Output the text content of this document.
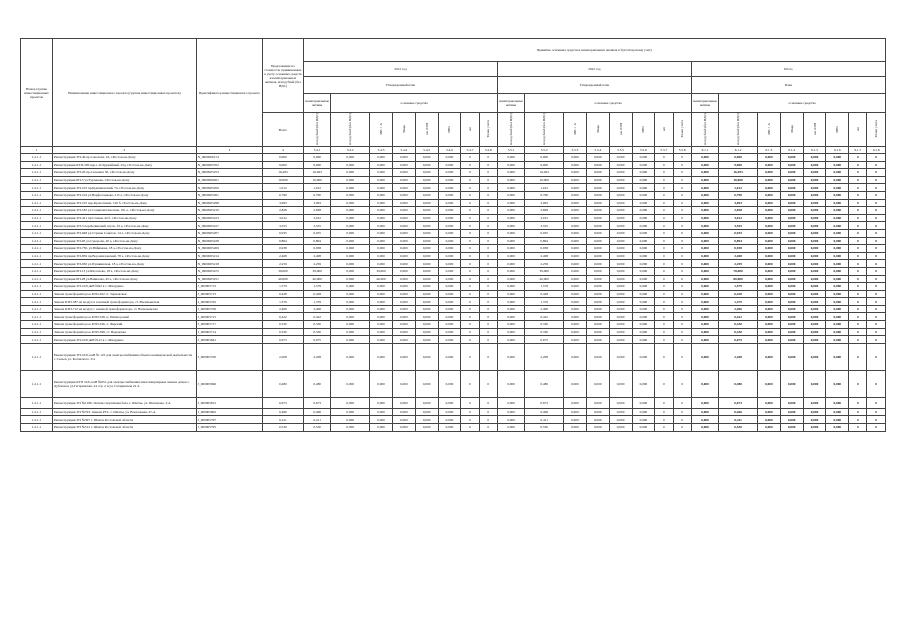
Номер группы инвестиционных проектов	Наименование инвестиционного проекта (группы инвестиционных проектов)	Идентификатор инвестиционного проекта	Предложение по стоимости, принимаемых к учету основных средств и нематериальных активов, млн рублей (без НДС)	Принятие основных средств и нематериальных активов к бухгалтерскому учету																							
				2021 год								2022 год								Итого							
				Утвержденный план								Утвержденный план								План							
				нематериальные активы	основные средства							нематериальные активы	основные средства							нематериальные активы	основные средства						
			Всего	млн рублей (без НДС)	млн рублей (без НДС)	МВ×А	Мвар	км ЛЭП	МВт	шт	Точки учета	млн рублей (без НДС)	млн рублей (без НДС)	МВ×А	Мвар	км ЛЭП	МВт	шт	Точки учета	млн рублей (без НДС)	млн рублей (без НДС)	МВ×А	Мвар	км ЛЭП	МВт	шт	Точки учета
1	2	3	4	5.4.1	5.4.2	5.4.3	5.4.4	5.4.5	5.4.6	5.4.7	5.4.8	5.5.1	5.5.2	5.5.3	5.5.4	5.5.5	5.5.6	5.5.7	5.5.8	6.1.1	6.1.2	6.1.3	6.1.4	6.1.5	6.1.6	6.1.7	6.1.8
1.2.1.1	Реконструкция ТП-49 пр.Соколова, 43, г.Ростов-на-Дону	N_0900006174	0,000	0,000	0,000	0,000	0,000	0,000	0,000	0	0	0,000	0,000	0,000	0,000	0,000	0,000	0	0	0,000	0,000	0,000	0,000	0,000	0,000	0	0
1.2.1.1	Реконструкция КТП-500 пер.1-й Оружейный, 23д, г.Ростов-на-Дону	N_0900005702	9,000	9,000	0,000	0,000	0,000	0,000	0,000	0	0	0,000	9,000	0,000	0,000	0,000	0,000	0	0	0,000	9,000	0,000	0,000	0,000	0,000	0	0
1.2.1.1	Реконструкция ТП-20 пр.Сельмаш 56, г.Ростов-на-Дону	N_0900005253	16,493	16,493	0,000	0,000	0,000	0,000	0,000	0	0	0,000	16,493	0,000	0,000	0,000	0,000	0	0	0,000	16,493	0,000	0,000	0,000	0,000	0	0
1.2.1.1	Реконструкция РП-3 ул.Тургенева, г.Ростов-на-Дону	N_0900006201	10,000	10,000	0,000	0,000	0,000	0,000	0,000	0	0	0,000	10,000	0,000	0,000	0,000	0,000	0	0	0,000	10,000	0,000	0,000	0,000	0,000	0	0
1.2.1.1	Реконструкция ТП-103 пр.Будённовский, 74, г.Ростов-на-Дону	N_0900005959	1,012	1,012	0,000	0,000	0,000	0,000	0,000	0	0	0,000	1,012	0,000	0,000	0,000	0,000	0	0	0,000	1,012	0,000	0,000	0,000	0,000	0	0
1.2.1.1	Реконструкция ТП-104 ул.Варфоломеева, 215 а, г.Ростов-на-Дону	N_0900005261	0,790	0,790	0,000	0,000	0,000	0,000	0,000	0	0	0,000	0,790	0,000	0,000	0,000	0,000	0	0	0,000	0,790	0,000	0,000	0,000	0,000	0	0
1.2.1.1	Реконструкция ТП-105 пер.Кропоткина, 120 б, г.Ростов-на-Дону	N_0900005298	3,093	3,093	0,000	0,000	0,000	0,000	0,000	0	0	0,000	3,093	0,000	0,000	0,000	0,000	0	0	0,000	3,093	0,000	0,000	0,000	0,000	0	0
1.2.1.1	Реконструкция ТП-182 ул.Социалистическая, 191 а, г.Ростов-на-Дону	N_0900005210	2,828	2,828	0,000	0,000	0,000	0,000	0,000	0	0	0,000	2,828	0,000	0,000	0,000	0,000	0	0	0,000	2,828	0,000	0,000	0,000	0,000	0	0
1.2.1.1	Реконструкция ТП-421 пр.Стачки, 44 б, г.Ростов-на-Дону	N_0900005223	3,012	3,012	0,000	0,000	0,000	0,000	0,000	0	0	0,000	3,012	0,000	0,000	0,000	0,000	0	0	0,000	3,012	0,000	0,000	0,000	0,000	0	0
1.2.1.1	Реконструкция ТП-5 пер.Белинский спуск, 32 а, г.Ростов-на-Дону	N_0900005227	3,555	3,555	0,000	0,000	0,000	0,000	0,000	0	0	0,000	3,555	0,000	0,000	0,000	0,000	0	0	0,000	3,555	0,000	0,000	0,000	0,000	0	0
1.2.1.1	Реконструкция ТП-648 ул.Страны Советов, 14 а, г.Ростов-на-Дону	N_0900005207	0,935	0,935	0,000	0,000	0,000	0,000	0,000	0	0	0,000	0,935	0,000	0,000	0,000	0,000	0	0	0,000	0,935	0,000	0,000	0,000	0,000	0	0
1.2.1.1	Реконструкция ТП-65 ул.Суворова, 20 а, г.Ростов-на-Дону	N_0900005228	0,894	0,894	0,000	0,000	0,000	0,000	0,000	0	0	0,000	0,894	0,000	0,000	0,000	0,000	0	0	0,000	0,894	0,000	0,000	0,000	0,000	0	0
1.2.1.1	Реконструкция ТП-730, ул.Юфимова, 18 а, г.Ростов-на-Дону	N_0900005206	0,938	0,938	0,000	0,000	0,000	0,000	0,000	0	0	0,000	0,938	0,000	0,000	0,000	0,000	0	0	0,000	0,938	0,000	0,000	0,000	0,000	0	0
1.2.1.1	Реконструкция ТП-859 пр.Ворошиловский, 78 а, г.Ростов-на-Дону	N_0900005214	2,408	2,408	0,000	0,000	0,000	0,000	0,000	0	0	0,000	2,408	0,000	0,000	0,000	0,000	0	0	0,000	2,408	0,000	0,000	0,000	0,000	0	0
1.2.1.1	Реконструкция ТП-930 ул.Пушкинская, 18 а, г.Ростов-на-Дону	N_0900005218	2,259	2,259	0,000	0,000	0,000	0,000	0,000	0	0	0,000	2,259	0,000	0,000	0,000	0,000	0	0	0,000	2,259	0,000	0,000	0,000	0,000	0	0
1.2.1.1	Реконструкция РП-13 ул.Шолохова, 18 а, г.Ростов-на-Дону	N_0900005472	39,000	39,000	0,000	39,000	0,000	0,000	0,000	0	0	0,000	39,000	0,000	0,000	0,000	0,000	0	0	0,000	78,000	0,000	0,000	0,000	0,000	0	0
1.2.1.1	Реконструкция РП-28 ул.Вавилова, 45 а, г.Ростов-на-Дону	N_0900005251	40,000	40,000	0,000	40,000	0,000	0,000	0,000	0	0	0,000	40,000	0,000	0,000	0,000	0,000	0	0	0,000	80,000	0,000	0,000	0,000	0,000	0	0
1.2.1.1	Реконструкция ТП-10/0,4кВ №92 в с. Мичурино	J_000005712	1,579	1,579	0,000	0,000	0,000	0,000	0,000	0	0	0,000	1,579	0,000	0,000	0,000	0,000	0	0	0,000	1,579	0,000	0,000	0,000	0,000	0	0
1.2.1.1	Замена трансформатора в КТП-202 ст. Терновская	J_000005713	0,428	0,428	0,000	0,000	0,000	0,000	0,000	0	0	0,000	0,428	0,000	0,000	0,000	0,000	0	0	0,000	0,428	0,000	0,000	0,000	0,000	0	0
1.2.1.1	Замена КТП-587 на воздух в заземной трансформатора, ст. Васильевская	J_000005702	1,379	1,379	0,000	0,000	0,000	0,000	0,000	0	0	0,000	1,379	0,000	0,000	0,000	0,000	0	0	0,000	1,379	0,000	0,000	0,000	0,000	0	0
1.2.1.1	Замена КТП-712 на воздух с заменой трансформатора, ст. Васильевская	J_000005706	2,406	2,406	0,000	0,000	0,000	0,000	0,000	0	0	0,000	2,406	0,000	0,000	0,000	0,000	0	0	0,000	2,406	0,000	0,000	0,000	0,000	0	0
1.2.1.1	Замена трансформатора в КТП-528, п. Пятигорский	J_000005715	0,422	0,422	0,000	0,000	0,000	0,000	0,000	0	0	0,000	0,422	0,000	0,000	0,000	0,000	0	0	0,000	0,422	0,000	0,000	0,000	0,000	0	0
1.2.1.1	Замена трансформатора в КТП-346, х. Чирский	J_000005717	0,330	0,330	0,000	0,000	0,000	0,000	0,000	0	0	0,000	0,330	0,000	0,000	0,000	0,000	0	0	0,000	0,330	0,000	0,000	0,000	0,000	0	0
1.2.1.1	Замена трансформатора в КТП-398, ст. Веденская	J_000005714	0,330	0,330	0,000	0,000	0,000	0,000	0,000	0	0	0,000	0,330	0,000	0,000	0,000	0,000	0	0	0,000	0,330	0,000	0,000	0,000	0,000	0	0
1.2.1.1	Реконструкция ТП-10/0,4кВ №12 в с. Мичурино	J_000005661	0,675	0,675	0,000	0,000	0,000	0,000	0,000	0	0	0,000	0,675	0,000	0,000	0,000	0,000	0	0	0,000	0,675	0,000	0,000	0,000	0,000	0	0
1.2.1.1	Реконструкция ТП-10/0,4 кВ № 125 для электроснабжения объекта коммерческой деятельности г. Сальск ул. Котовского, 3/4	J_000005700	2,208	2,208	0,000	0,000	0,000	0,000	0,000	0	0	0,000	2,208	0,000	0,000	0,000	0,000	0	0	0,000	2,208	0,000	0,000	0,000	0,000	0	0
1.2.1.1	Реконструкция КТП 10/0,4 кВ №651 для электроснабжения многоквартирных жилых домов г. Дубовское ул.Гагаринская, 24 стр. 2 и ул. Гагаринская 22 А	J_000005696	0,480	0,480	0,000	0,000	0,000	0,000	0,000	0	0	0,000	0,480	0,000	0,000	0,000	0,000	0	0	0,000	0,480	0,000	0,000	0,000	0,000	0	0
1.2.1.1	Реконструкция ТП №1189. Летняя спортивная база, г. Шахты, ул. Шаханова, 3-А	J_000005812	0,673	0,673	0,000	0,000	0,000	0,000	0,000	0	0	0,000	0,673	0,000	0,000	0,000	0,000	0	0	0,000	0,673	0,000	0,000	0,000	0,000	0	0
1.2.1.1	Реконструкция ТП №793. Замена РТС, г. Шахты, ул. Вокзальная, 47-А	J_000005802	0,466	0,466	0,000	0,000	0,000	0,000	0,000	0	0	0,000	0,466	0,000	0,000	0,000	0,000	0	0	0,000	0,466	0,000	0,000	0,000	0,000	0	0
1.2.1.1	Реконструкция ТП №397 г. Шахты Ростовской области	J_000005797	0,411	0,411	0,000	0,000	0,000	0,000	0,000	0	0	0,000	0,411	0,000	0,000	0,000	0,000	0	0	0,000	0,411	0,000	0,000	0,000	0,000	0	0
1.2.1.1	Реконструкция ТП №512 г. Шахты Ростовской области	J_000005795	0,530	0,530	0,000	0,000	0,000	0,000	0,000	0	0	0,000	0,530	0,000	0,000	0,000	0,000	0	0	0,000	0,530	0,000	0,000	0,000	0,000	0	0
